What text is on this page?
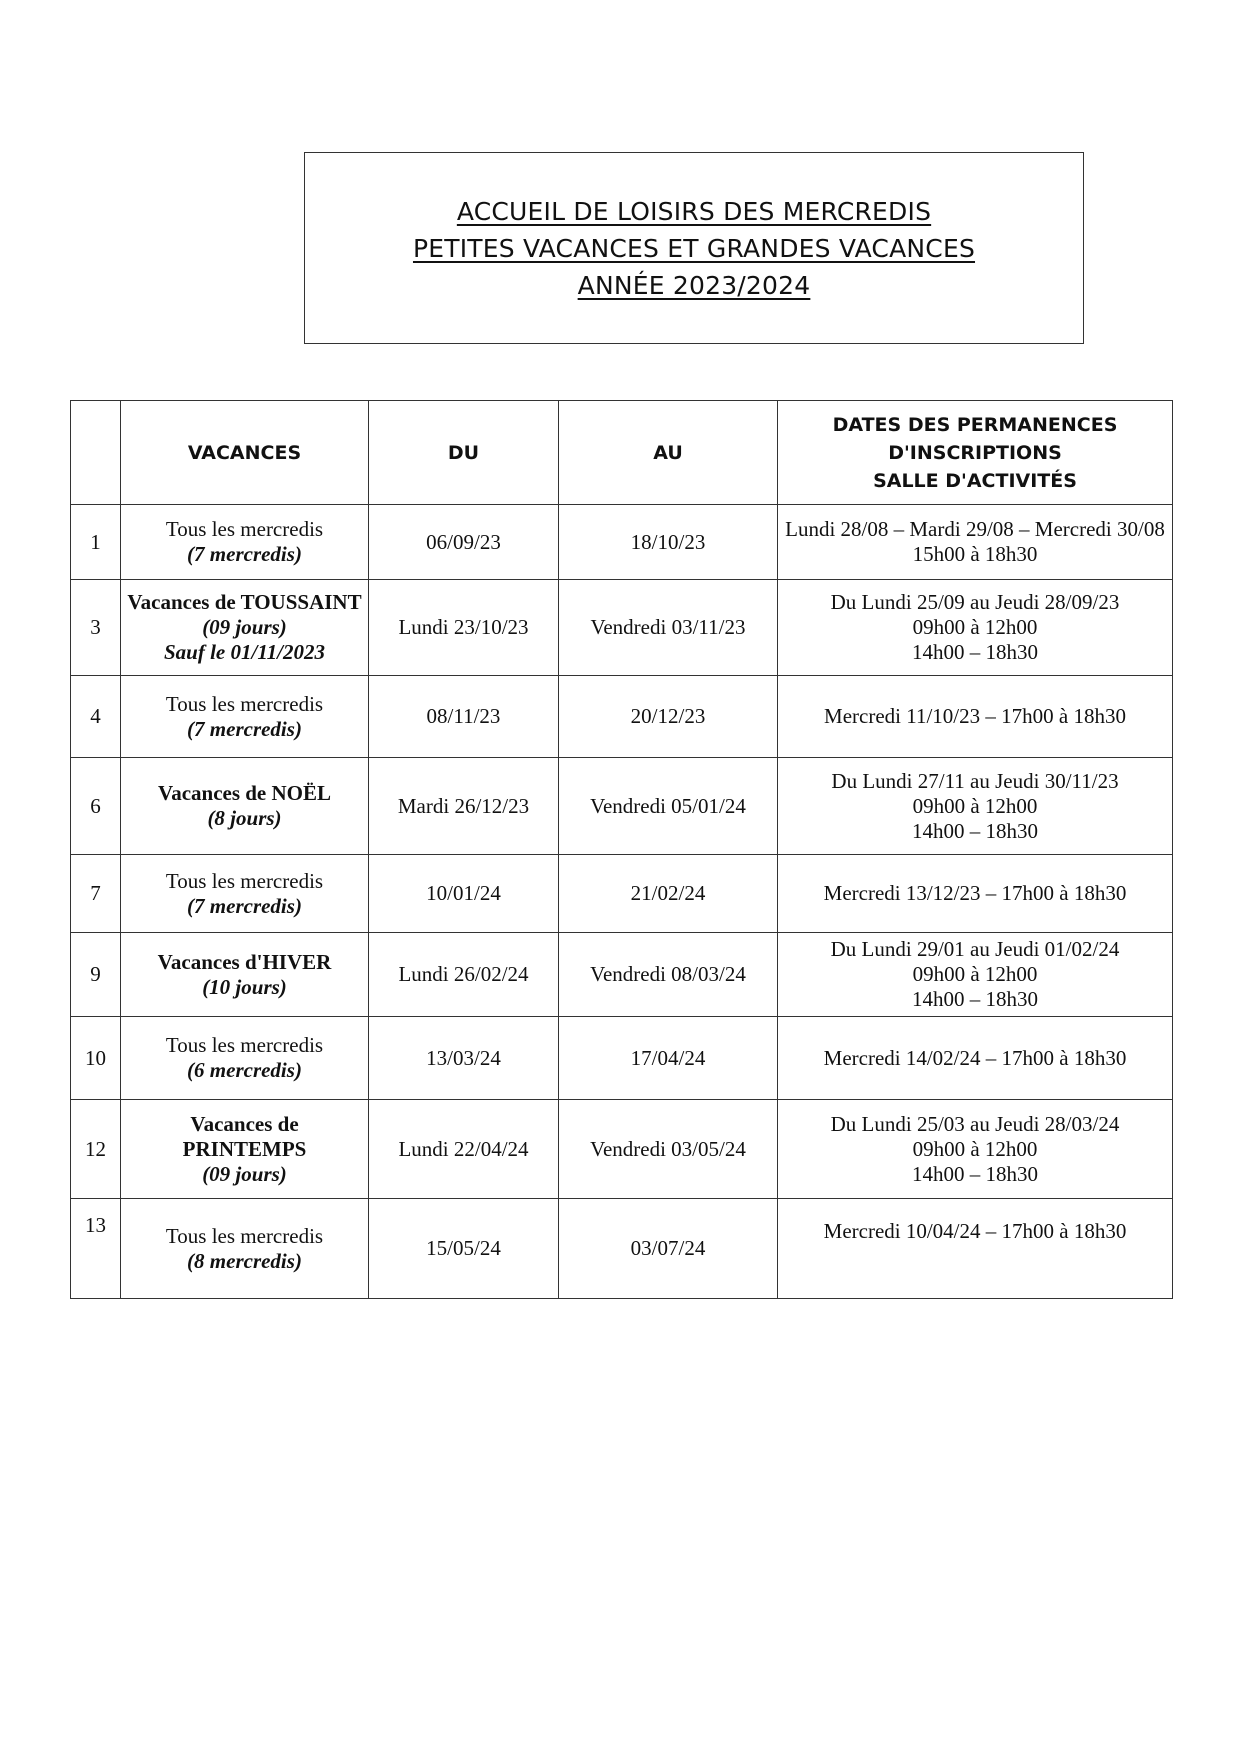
ACCUEIL DE LOISIRS DES MERCREDIS
PETITES VACANCES ET GRANDES VACANCES
ANNÉE 2023/2024
	VACANCES	DU	AU	DATES DES PERMANENCES
D'INSCRIPTIONS
SALLE D'ACTIVITÉS

1	Tous les mercredis
(7 mercredis)	06/09/23	18/10/23	Lundi 28/08 – Mardi 29/08 – Mercredi 30/08
15h00 à 18h30

3	Vacances de TOUSSAINT
(09 jours)
Sauf le 01/11/2023	Lundi 23/10/23	Vendredi 03/11/23	Du Lundi 25/09 au Jeudi 28/09/23
09h00 à 12h00
14h00 – 18h30

4	Tous les mercredis
(7 mercredis)	08/11/23	20/12/23	Mercredi 11/10/23 – 17h00 à 18h30

6	Vacances de NOËL
(8 jours)	Mardi 26/12/23	Vendredi 05/01/24	Du Lundi 27/11 au Jeudi 30/11/23
09h00 à 12h00
14h00 – 18h30

7	Tous les mercredis
(7 mercredis)	10/01/24	21/02/24	Mercredi 13/12/23 – 17h00 à 18h30

9	Vacances d'HIVER
(10 jours)	Lundi 26/02/24	Vendredi 08/03/24	Du Lundi 29/01 au Jeudi 01/02/24
09h00 à 12h00
14h00 – 18h30

10	Tous les mercredis
(6 mercredis)	13/03/24	17/04/24	Mercredi 14/02/24 – 17h00 à 18h30

12	Vacances de
PRINTEMPS
(09 jours)	Lundi 22/04/24	Vendredi 03/05/24	Du Lundi 25/03 au Jeudi 28/03/24
09h00 à 12h00
14h00 – 18h30

13	Tous les mercredis
(8 mercredis)	15/05/24	03/07/24	Mercredi 10/04/24 – 17h00 à 18h30
